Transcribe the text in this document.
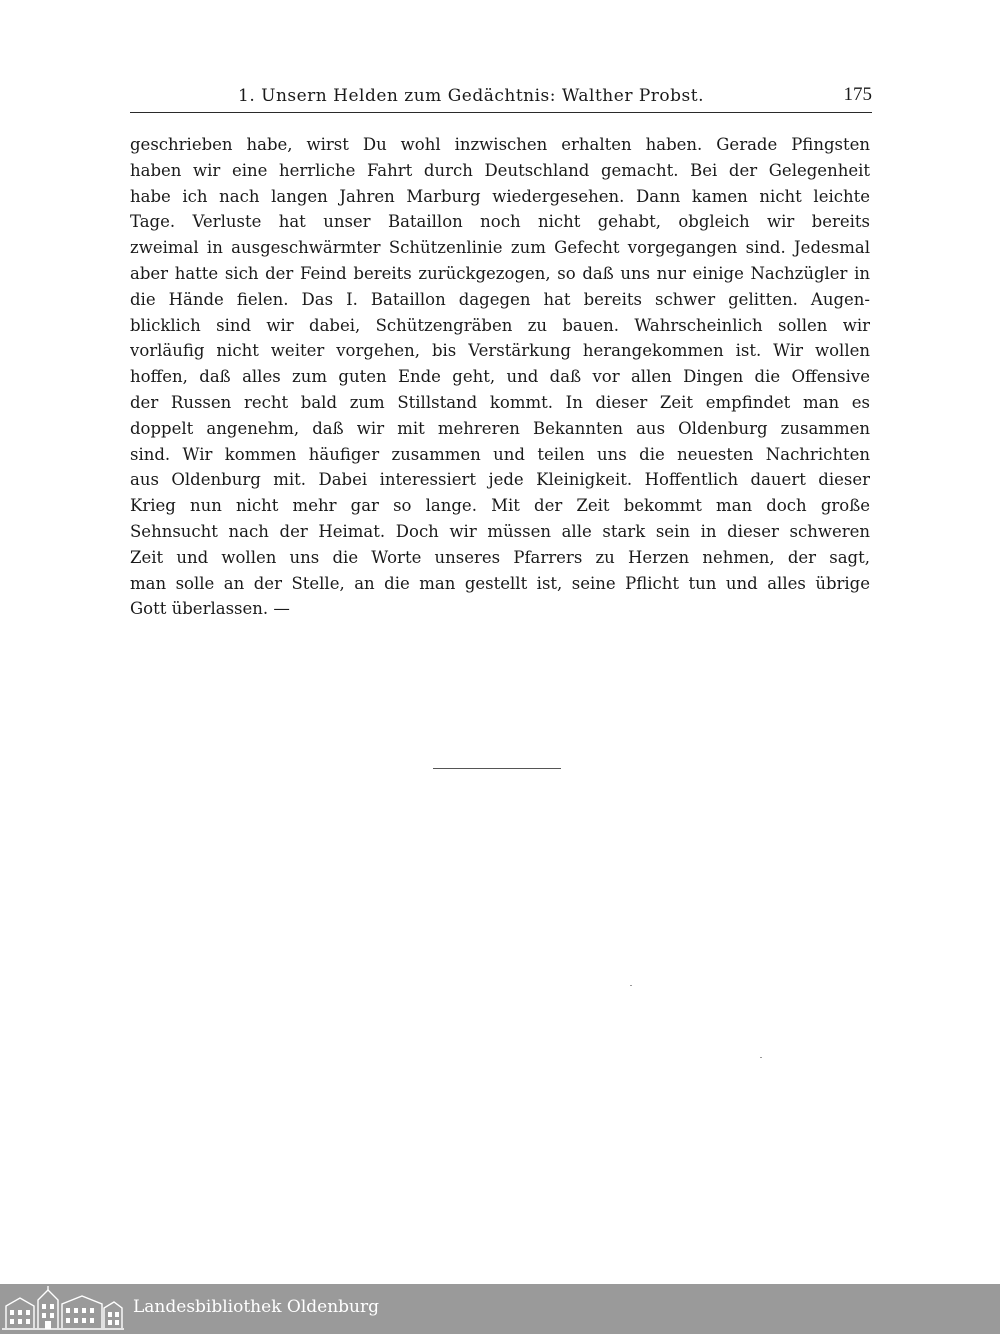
1. Unsern Helden zum Gedächtnis: Walther Probst.	175
geschrieben habe, wirst Du wohl inzwischen erhalten haben. Gerade Pfingsten
haben wir eine herrliche Fahrt durch Deutschland gemacht. Bei der Gelegenheit
habe ich nach langen Jahren Marburg wiedergesehen. Dann kamen nicht leichte
Tage. Verluste hat unser Bataillon noch nicht gehabt, obgleich wir bereits
zweimal in ausgeschwärmter Schützenlinie zum Gefecht vorgegangen sind. Jedesmal
aber hatte sich der Feind bereits zurückgezogen, so daß uns nur einige Nachzügler in
die Hände fielen. Das I. Bataillon dagegen hat bereits schwer gelitten. Augen-
blicklich sind wir dabei, Schützengräben zu bauen. Wahrscheinlich sollen wir
vorläufig nicht weiter vorgehen, bis Verstärkung herangekommen ist. Wir wollen
hoffen, daß alles zum guten Ende geht, und daß vor allen Dingen die Offensive
der Russen recht bald zum Stillstand kommt. In dieser Zeit empfindet man es
doppelt angenehm, daß wir mit mehreren Bekannten aus Oldenburg zusammen
sind. Wir kommen häufiger zusammen und teilen uns die neuesten Nachrichten
aus Oldenburg mit. Dabei interessiert jede Kleinigkeit. Hoffentlich dauert dieser
Krieg nun nicht mehr gar so lange. Mit der Zeit bekommt man doch große
Sehnsucht nach der Heimat. Doch wir müssen alle stark sein in dieser schweren
Zeit und wollen uns die Worte unseres Pfarrers zu Herzen nehmen, der sagt,
man solle an der Stelle, an die man gestellt ist, seine Pflicht tun und alles übrige
Gott überlassen. —
Landesbibliothek Oldenburg
